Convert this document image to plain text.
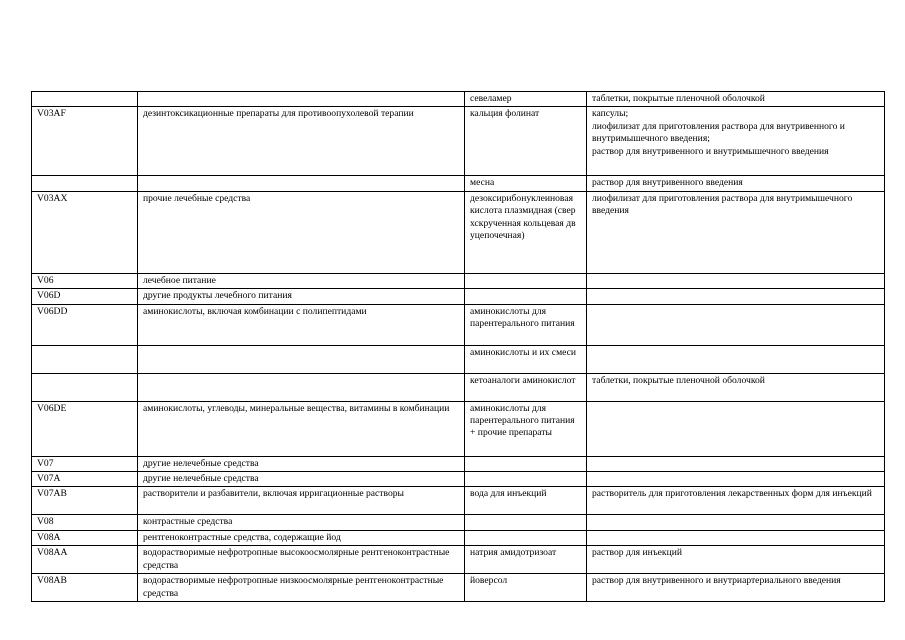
		севеламер	таблетки, покрытые пленочной оболочкой
V03AF	дезинтоксикационные препараты для противоопухолевой терапии	кальция фолинат	капсулы;
лиофилизат для приготовления раствора для внутривенного и внутримышечного введения;
раствор для внутривенного и внутримышечного введения
		месна	раствор для внутривенного введения
V03AX	прочие лечебные средства	дезоксирибонуклеиновая кислота плазмидная (сверхскрученная кольцевая двуцепочечная)	лиофилизат для приготовления раствора для внутримышечного введения
V06	лечебное питание		
V06D	другие продукты лечебного питания		
V06DD	аминокислоты, включая комбинации с полипептидами	аминокислоты для парентерального питания	
		аминокислоты и их смеси	
		кетоаналоги аминокислот	таблетки, покрытые пленочной оболочкой
V06DE	аминокислоты, углеводы, минеральные вещества, витамины в комбинации	аминокислоты для парентерального питания + прочие препараты	
V07	другие нелечебные средства		
V07A	другие нелечебные средства		
V07AB	растворители и разбавители, включая ирригационные растворы	вода для инъекций	растворитель для приготовления лекарственных форм для инъекций
V08	контрастные средства		
V08A	рентгеноконтрастные средства, содержащие йод		
V08AA	водорастворимые нефротропные высокоосмолярные рентгеноконтрастные средства	натрия амидотризоат	раствор для инъекций
V08AB	водорастворимые нефротропные низкоосмолярные рентгеноконтрастные средства	йоверсол	раствор для внутривенного и внутриартериального введения
